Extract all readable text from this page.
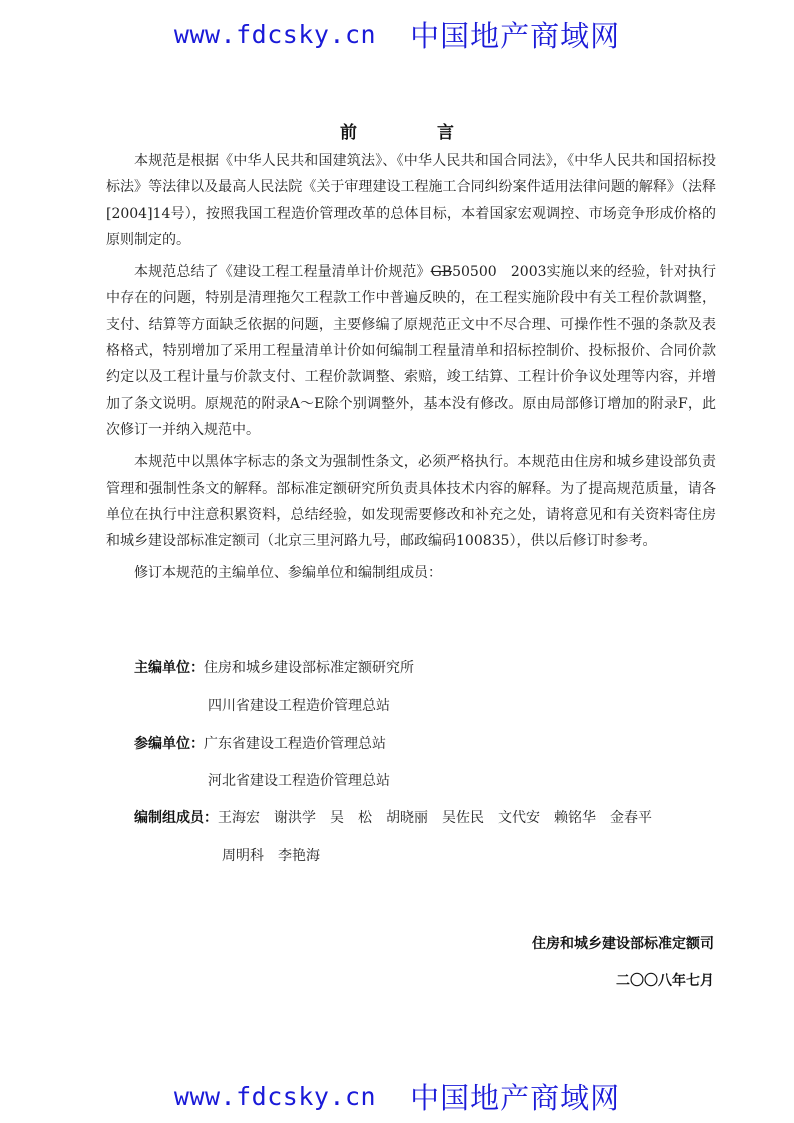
www.fdcsky.cn 中国地产商域网
前	言

本规范是根据《中华人民共和国建筑法》、《中华人民共和国合同法》，《中华人民共和国招标投标法》等法律以及最高人民法院《关于审理建设工程施工合同纠纷案件适用法律问题的解释》（法释[2004]14号），按照我国工程造价管理改革的总体目标，本着国家宏观调控、市场竞争形成价格的原则制定的。

本规范总结了《建设工程工程量清单计价规范》GB50500　2003实施以来的经验，针对执行中存在的问题，特别是清理拖欠工程款工作中普遍反映的，在工程实施阶段中有关工程价款调整，支付、结算等方面缺乏依据的问题，主要修编了原规范正文中不尽合理、可操作性不强的条款及表格格式，特别增加了采用工程量清单计价如何编制工程量清单和招标控制价、投标报价、合同价款约定以及工程计量与价款支付、工程价款调整、索赔，竣工结算、工程计价争议处理等内容，并增加了条文说明。原规范的附录A～E除个别调整外，基本没有修改。原由局部修订增加的附录F，此次修订一并纳入规范中。

本规范中以黑体字标志的条文为强制性条文，必须严格执行。本规范由住房和城乡建设部负责管理和强制性条文的解释。部标准定额研究所负责具体技术内容的解释。为了提高规范质量，请各单位在执行中注意积累资料，总结经验，如发现需要修改和补充之处，请将意见和有关资料寄住房和城乡建设部标准定额司（北京三里河路九号，邮政编码100835），供以后修订时参考。

修订本规范的主编单位、参编单位和编制组成员：

主编单位：住房和城乡建设部标准定额研究所
四川省建设工程造价管理总站
参编单位：广东省建设工程造价管理总站
河北省建设工程造价管理总站
编制组成员：王海宏 谢洪学 吴　松 胡晓丽 吴佐民 文代安 赖铭华 金春平
周明科 李艳海
住房和城乡建设部标准定额司
二〇〇八年七月
www.fdcsky.cn 中国地产商域网
